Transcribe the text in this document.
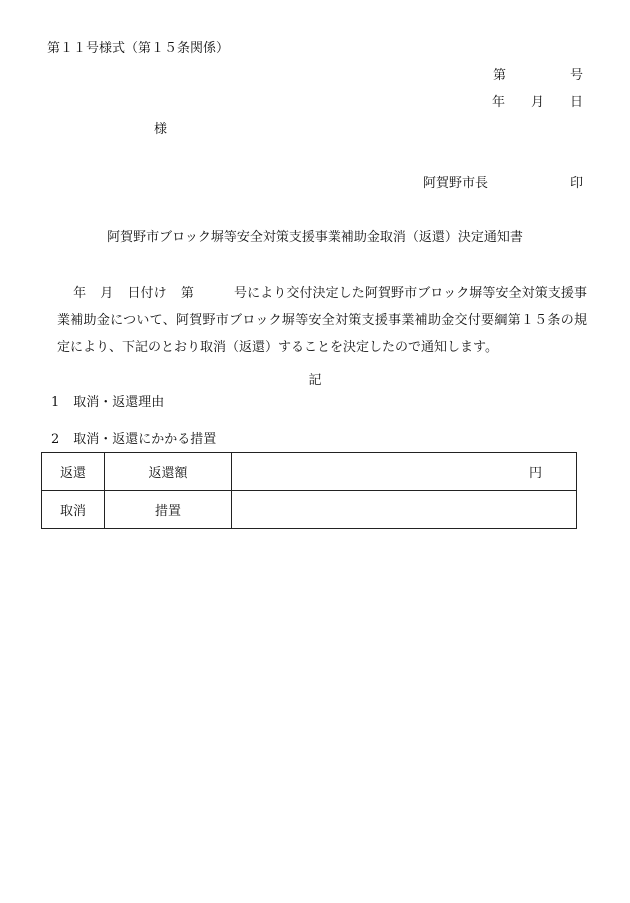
第１１号様式（第１５条関係）
第	号
年 月 日
様
阿賀野市長	印
阿賀野市ブロック塀等安全対策支援事業補助金取消（返還）決定通知書
年 月 日付け 第	号により交付決定した阿賀野市ブロック塀等安全対策支援事業補助金について、阿賀野市ブロック塀等安全対策支援事業補助金交付要綱第１５条の規定により、下記のとおり取消（返還）することを決定したので通知します。
記
1 取消・返還理由
2 取消・返還にかかる措置
返還	返還額	円
取消	措置	
